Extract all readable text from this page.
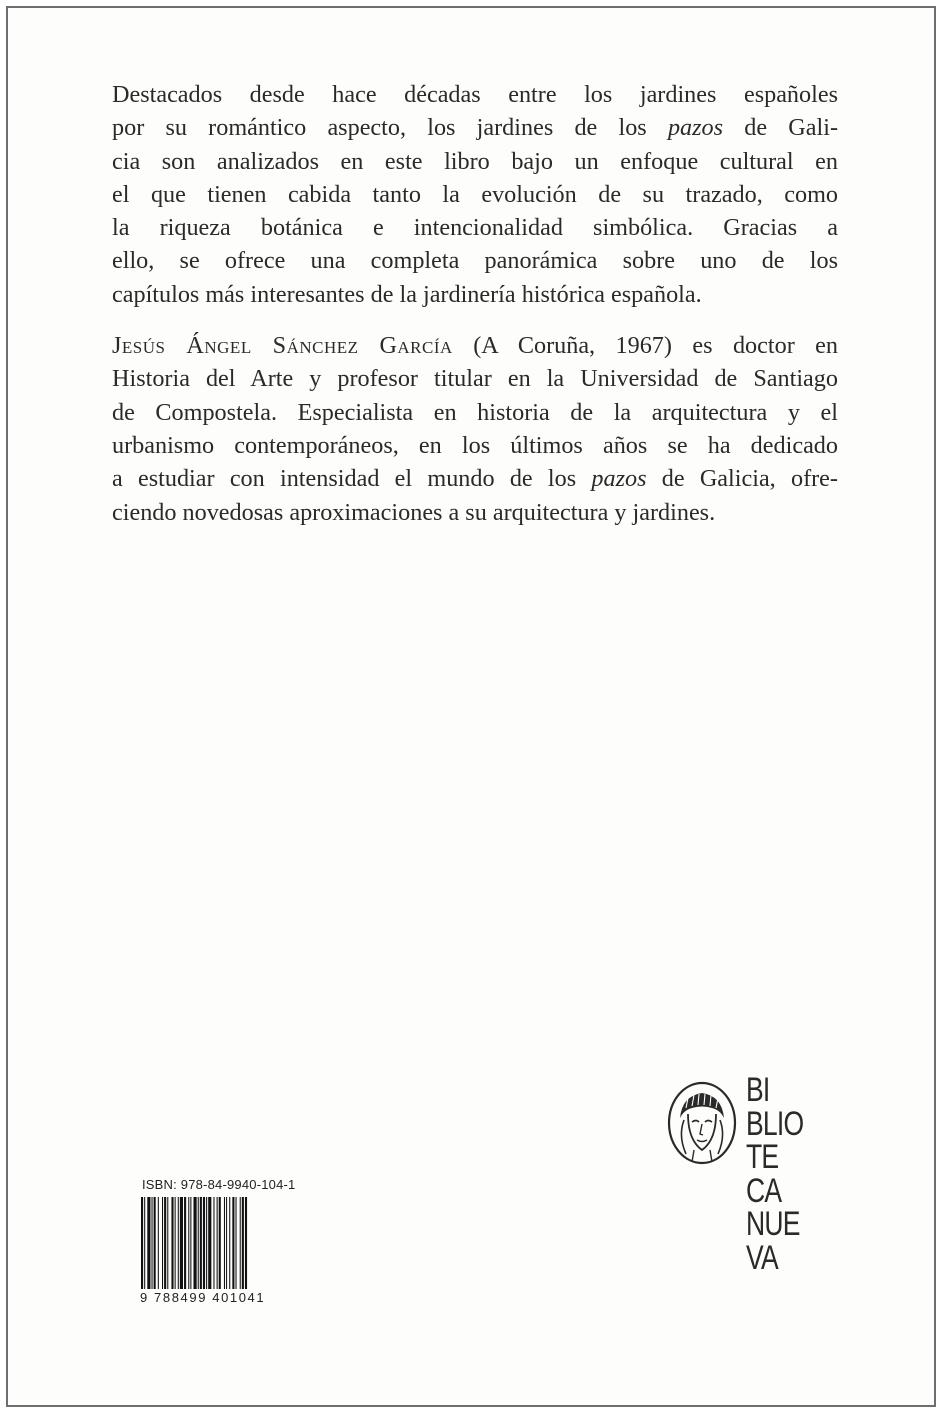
Destacados desde hace décadas entre los jardines españoles
por su romántico aspecto, los jardines de los pazos de Gali-
cia son analizados en este libro bajo un enfoque cultural en
el que tienen cabida tanto la evolución de su trazado, como
la riqueza botánica e intencionalidad simbólica. Gracias a
ello, se ofrece una completa panorámica sobre uno de los
capítulos más interesantes de la jardinería histórica española.

Jesús Ángel Sánchez García (A Coruña, 1967) es doctor en
Historia del Arte y profesor titular en la Universidad de Santiago
de Compostela. Especialista en historia de la arquitectura y el
urbanismo contemporáneos, en los últimos años se ha dedicado
a estudiar con intensidad el mundo de los pazos de Galicia, ofre-
ciendo novedosas aproximaciones a su arquitectura y jardines.

ISBN: 978-84-9940-104-1
9 788499 401041
BI
BLIO
TE
CA
NUE
VA
